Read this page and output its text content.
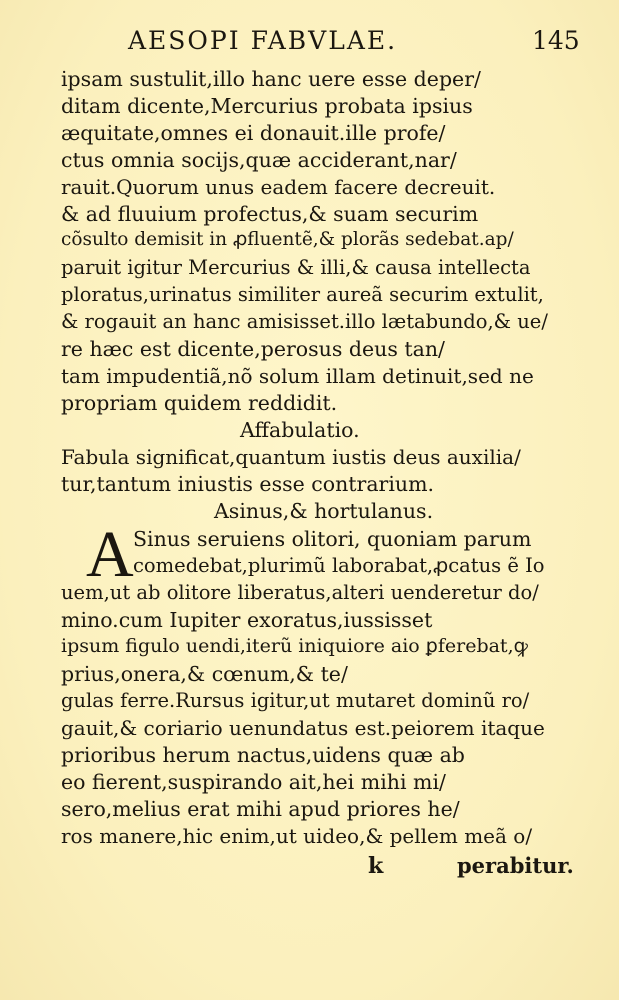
AESOPI FABVLAE.	145
ipsam sustulit,illo hanc uere esse deper/
ditam dicente,Mercurius probata ipsius
æquitate,omnes ei donauit.ille profe/
ctus omnia socijs,quæ acciderant,nar/
rauit.Quorum unus eadem facere decreuit.
& ad fluuium profectus,& suam securim
cõsulto demisit in ꝓfluentẽ,& plorãs sedebat.ap/
paruit igitur Mercurius & illi,& causa intellecta
ploratus,urinatus similiter aureã securim extulit,
& rogauit an hanc amisisset.illo lætabundo,& ue/
re hæc est dicente,perosus deus tan/
tam impudentiã,nõ solum illam detinuit,sed ne
propriam quidem reddidit.
Affabulatio.
Fabula significat,quantum iustis deus auxilia/
tur,tantum iniustis esse contrarium.
Asinus,& hortulanus.
A Sinus seruiens olitori, quoniam parum
comedebat,plurimũ laborabat,ꝓcatus ẽ Io
uem,ut ab olitore liberatus,alteri uenderetur do/
mino.cum Iupiter exoratus,iussisset
ipsum figulo uendi,iterũ iniquiore aio ꝑferebat,ꝙ
prius,onera,& cœnum,& te/
gulas ferre.Rursus igitur,ut mutaret dominũ ro/
gauit,& coriario uenundatus est.peiorem itaque
prioribus herum nactus,uidens quæ ab
eo fierent,suspirando ait,hei mihi mi/
sero,melius erat mihi apud priores he/
ros manere,hic enim,ut uideo,& pellem meã o/
k	perabitur.
